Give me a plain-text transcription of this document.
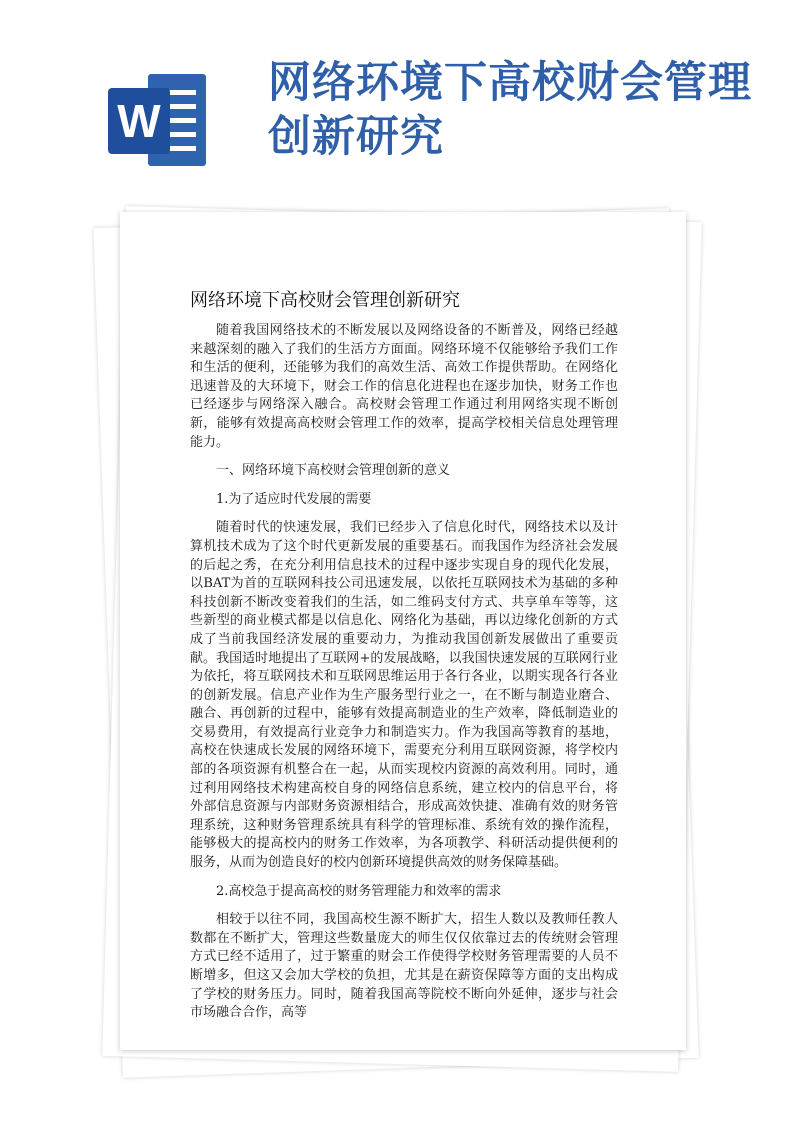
W
网络环境下高校财会管理创新研究
网络环境下高校财会管理创新研究

随着我国网络技术的不断发展以及网络设备的不断普及，网络已经越来越深刻的融入了我们的生活方方面面。网络环境不仅能够给予我们工作和生活的便利，还能够为我们的高效生活、高效工作提供帮助。在网络化迅速普及的大环境下，财会工作的信息化进程也在逐步加快，财务工作也已经逐步与网络深入融合。高校财会管理工作通过利用网络实现不断创新，能够有效提高高校财会管理工作的效率，提高学校相关信息处理管理能力。

一、网络环境下高校财会管理创新的意义

1.为了适应时代发展的需要

随着时代的快速发展，我们已经步入了信息化时代，网络技术以及计算机技术成为了这个时代更新发展的重要基石。而我国作为经济社会发展的后起之秀，在充分利用信息技术的过程中逐步实现自身的现代化发展，以BAT为首的互联网科技公司迅速发展，以依托互联网技术为基础的多种科技创新不断改变着我们的生活，如二维码支付方式、共享单车等等，这些新型的商业模式都是以信息化、网络化为基础，再以边缘化创新的方式成了当前我国经济发展的重要动力，为推动我国创新发展做出了重要贡献。我国适时地提出了互联网+的发展战略，以我国快速发展的互联网行业为依托，将互联网技术和互联网思维运用于各行各业，以期实现各行各业的创新发展。信息产业作为生产服务型行业之一，在不断与制造业磨合、融合、再创新的过程中，能够有效提高制造业的生产效率，降低制造业的交易费用，有效提高行业竞争力和制造实力。作为我国高等教育的基地，高校在快速成长发展的网络环境下，需要充分利用互联网资源，将学校内部的各项资源有机整合在一起，从而实现校内资源的高效利用。同时，通过利用网络技术构建高校自身的网络信息系统，建立校内的信息平台，将外部信息资源与内部财务资源相结合，形成高效快捷、准确有效的财务管理系统，这种财务管理系统具有科学的管理标准、系统有效的操作流程，能够极大的提高校内的财务工作效率，为各项教学、科研活动提供便利的服务，从而为创造良好的校内创新环境提供高效的财务保障基础。

2.高校急于提高高校的财务管理能力和效率的需求

相较于以往不同，我国高校生源不断扩大，招生人数以及教师任教人数都在不断扩大，管理这些数量庞大的师生仅仅依靠过去的传统财会管理方式已经不适用了，过于繁重的财会工作使得学校财务管理需要的人员不断增多，但这又会加大学校的负担，尤其是在薪资保障等方面的支出构成了学校的财务压力。同时，随着我国高等院校不断向外延伸，逐步与社会市场融合合作，高等
